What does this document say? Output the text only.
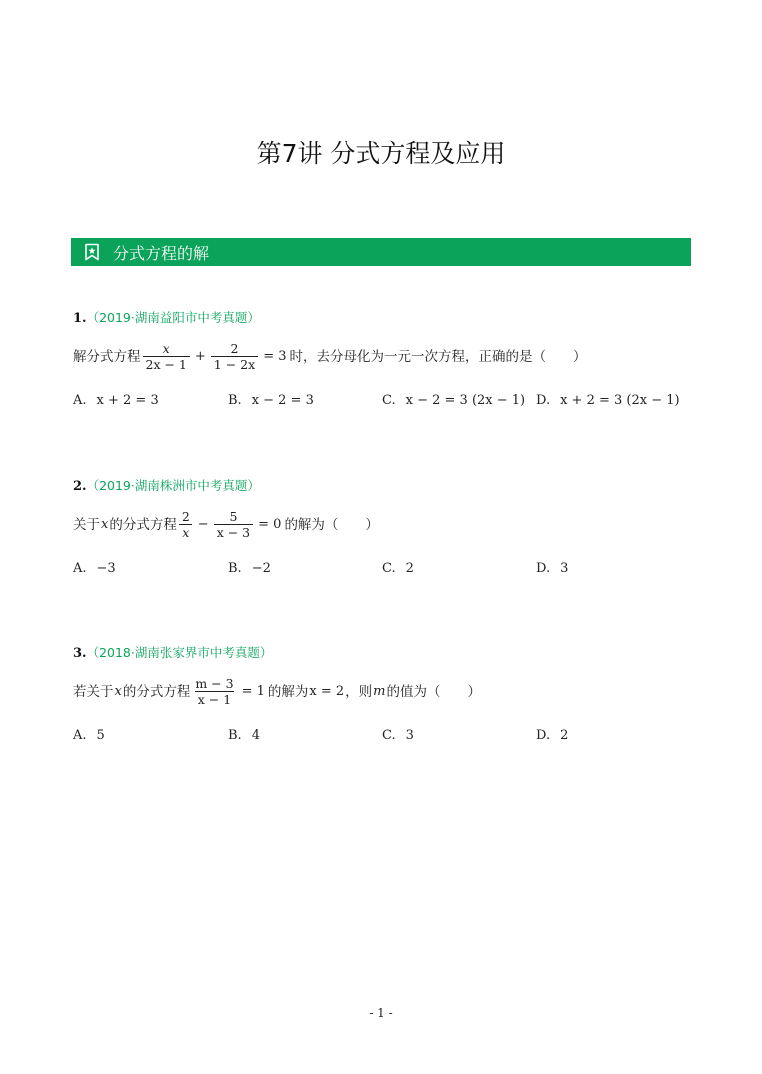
第7讲 分式方程及应用
分式方程的解
1.（2019·湖南益阳市中考真题）
解分式方程 $\frac{x}{2x - 1} + \frac{2}{1 - 2x} = 3$ 时，去分母化为一元一次方程，正确的是（　　）
A. x + 2 = 3	B. x − 2 = 3	C. x − 2 = 3 (2x − 1) D. x + 2 = 3 (2x − 1)
2.（2019·湖南株洲市中考真题）
关于 x 的分式方程 $\frac{2}{x} - \frac{5}{x - 3} = 0$ 的解为（　　）
A. −3	B. −2	C. 2	D. 3
3.（2018·湖南张家界市中考真题）
若关于 x 的分式方程 $\frac{m - 3}{x - 1} = 1$ 的解为 x = 2 ，则 m 的值为（　　）
A. 5	B. 4	C. 3	D. 2
- 1 -
